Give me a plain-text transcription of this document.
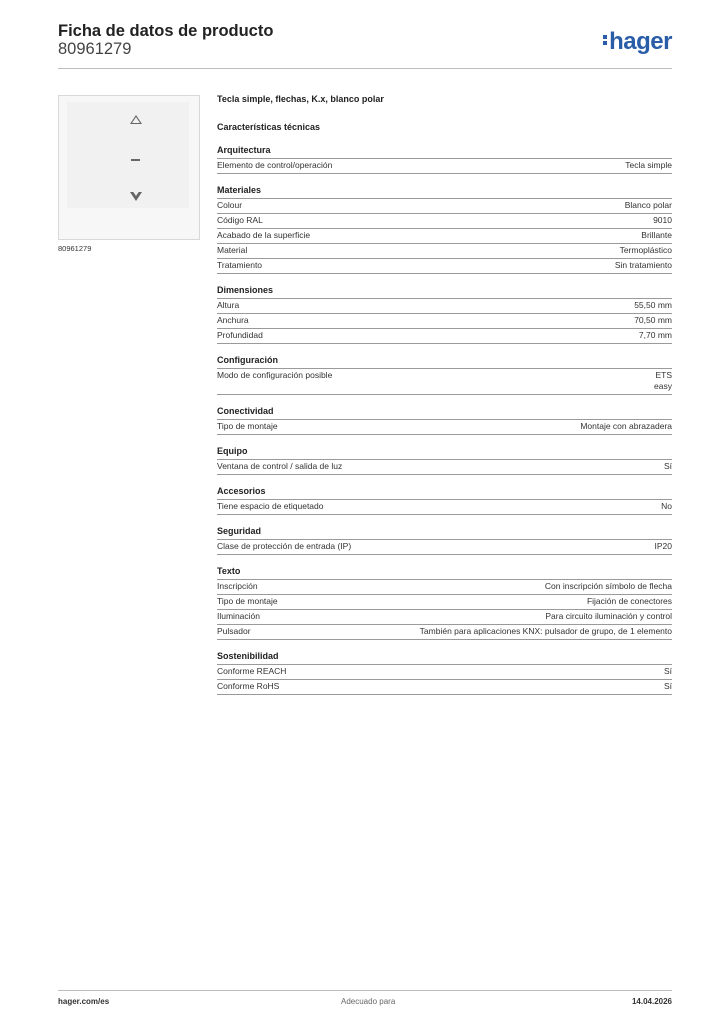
Ficha de datos de producto
80961279	hager
80961279
Tecla simple, flechas, K.x, blanco polar
Características técnicas
Arquitectura
Elemento de control/operación	Tecla simple
Materiales
Colour	Blanco polar
Código RAL	9010
Acabado de la superficie	Brillante
Material	Termoplástico
Tratamiento	Sin tratamiento
Dimensiones
Altura	55,50 mm
Anchura	70,50 mm
Profundidad	7,70 mm
Configuración
Modo de configuración posible	ETS
easy
Conectividad
Tipo de montaje	Montaje con abrazadera
Equipo
Ventana de control / salida de luz	Sí
Accesorios
Tiene espacio de etiquetado	No
Seguridad
Clase de protección de entrada (IP)	IP20
Texto
Inscripción	Con inscripción símbolo de flecha
Tipo de montaje	Fijación de conectores
Iluminación	Para circuito iluminación y control
Pulsador	También para aplicaciones KNX: pulsador de grupo, de 1 elemento
Sostenibilidad
Conforme REACH	Sí
Conforme RoHS	Sí
hager.com/es	Adecuado para	14.04.2026
